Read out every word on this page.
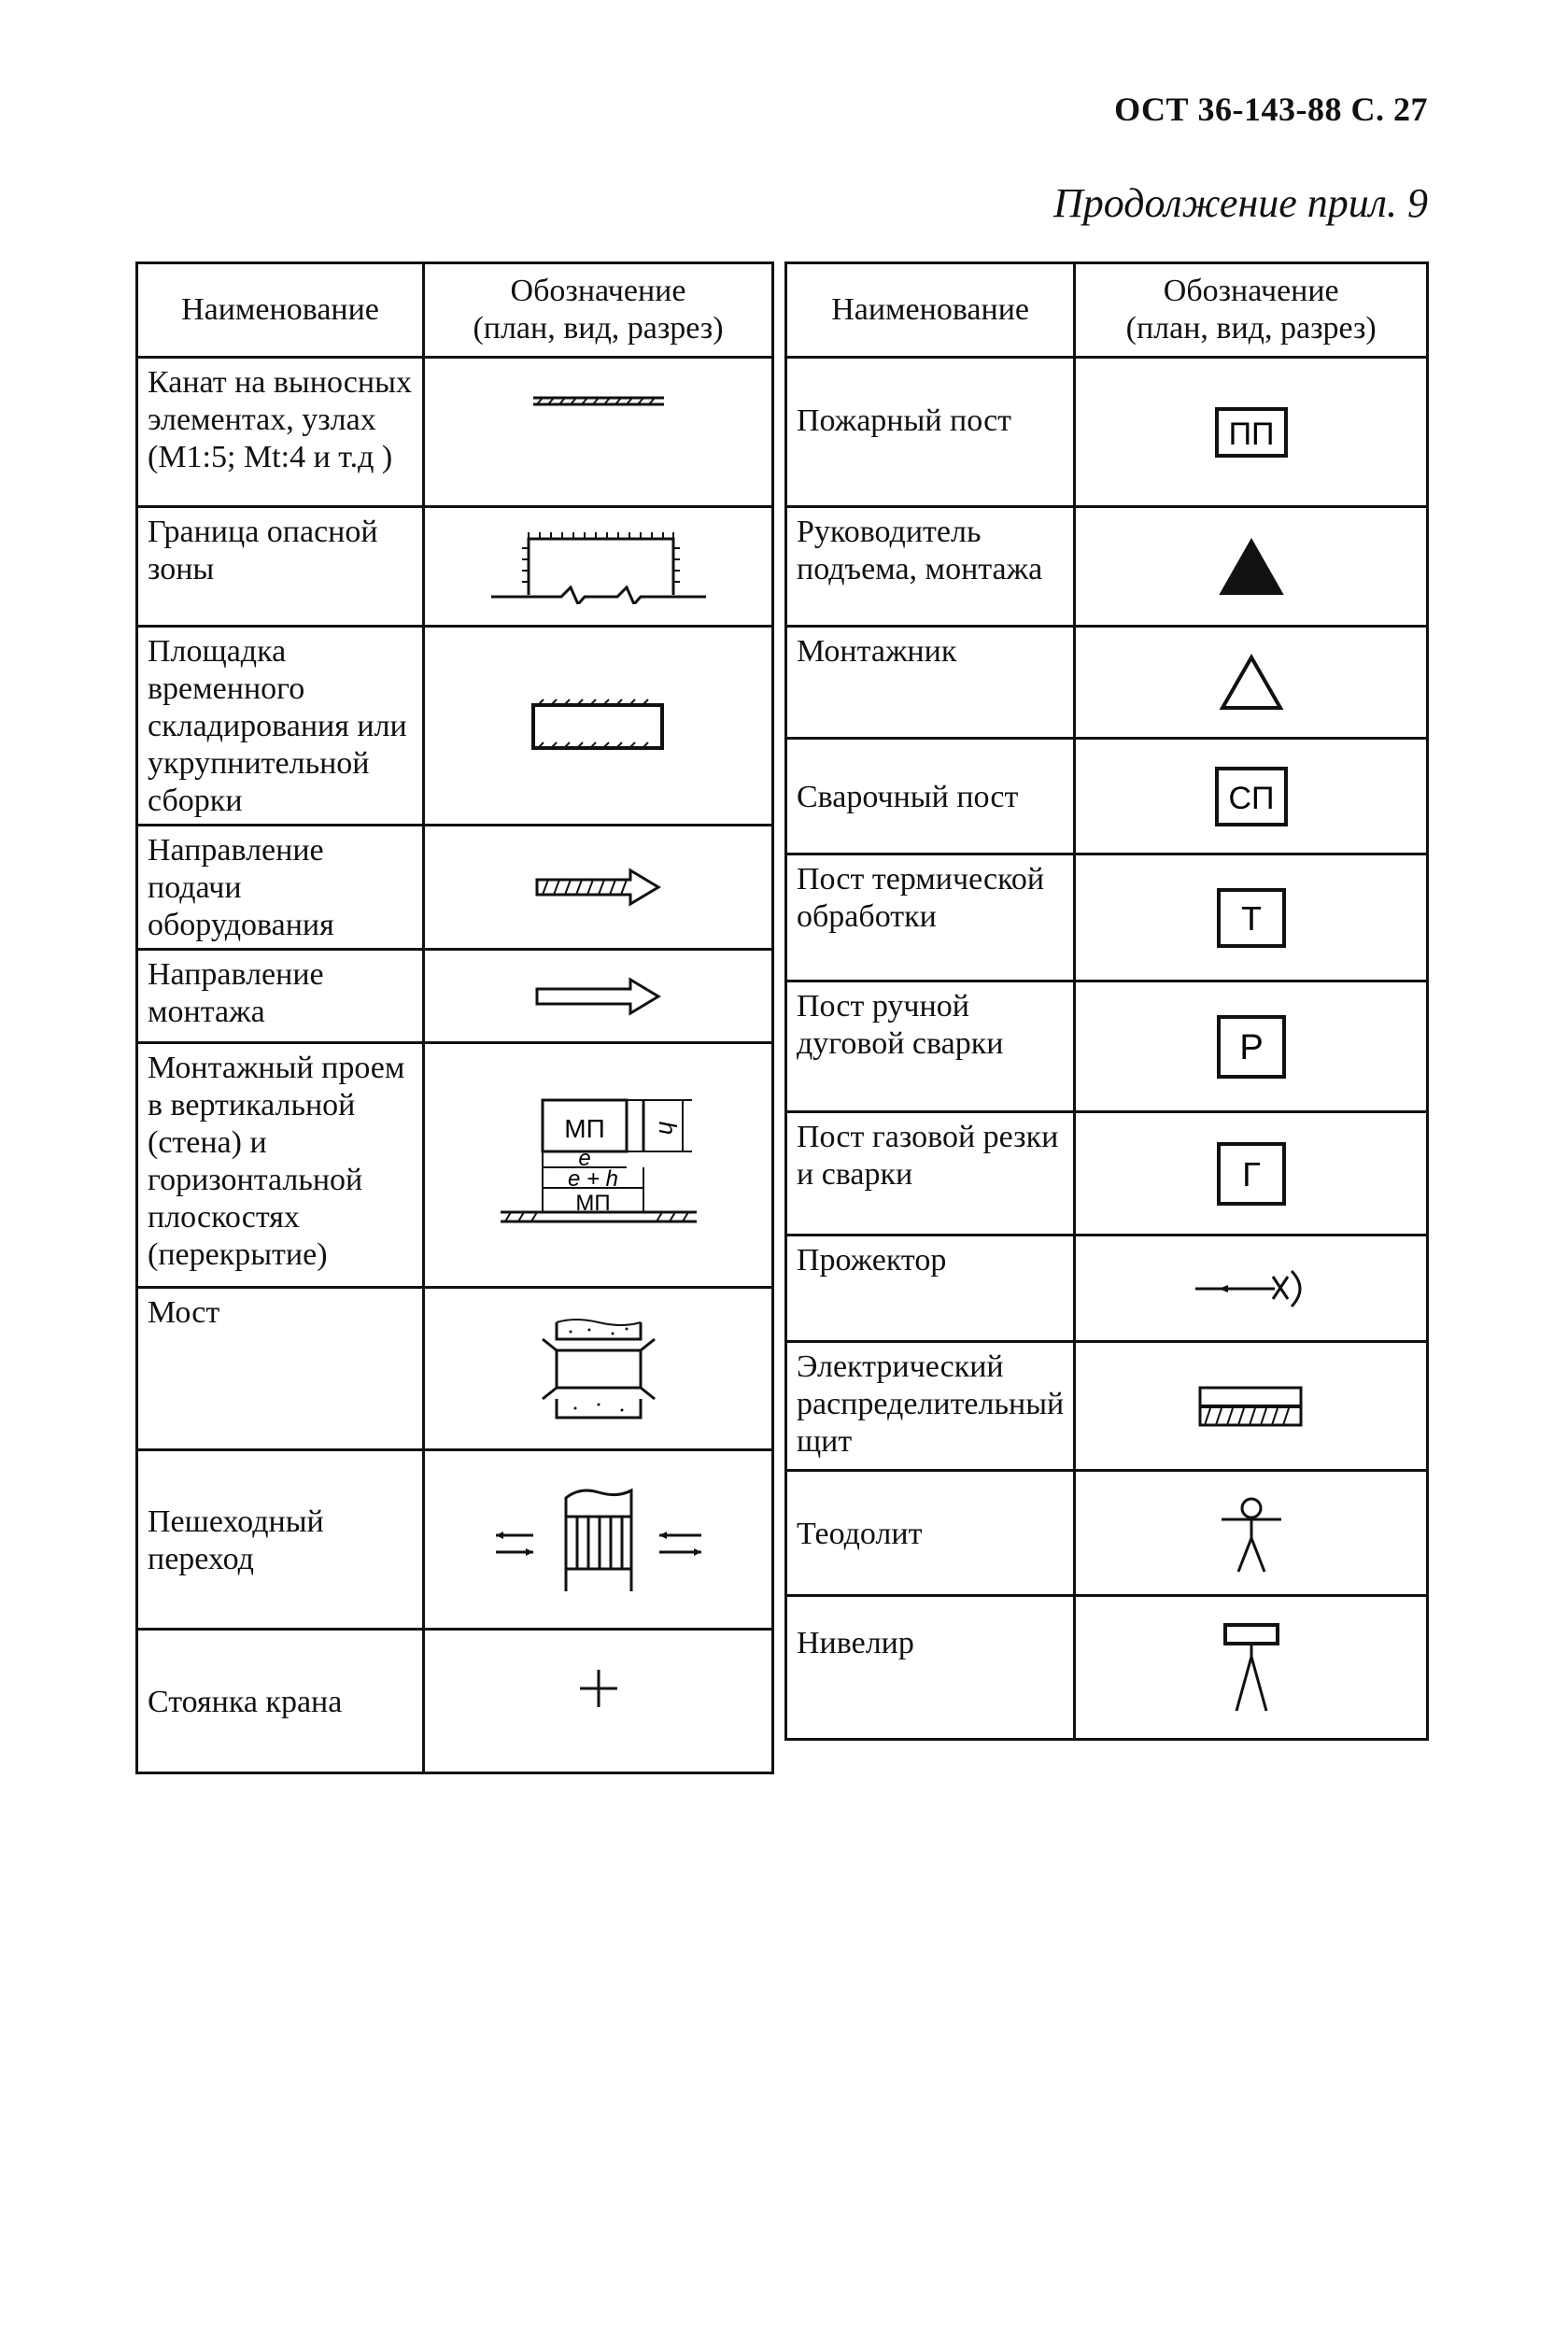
ОСТ 36-143-88 С. 27
Продолжение прил. 9
Наименование	Обозначение
(план, вид, разрез)
Канат на выносных элементах, узлах (М1:5; Мt:4 и т.д )	

Граница опасной зоны	

Площадка временного складирования или укрупнительной сборки	

Направление подачи оборудования	

Направление монтажа	

Монтажный проем в вертикальной (стена) и горизонтальной плоскостях (перекрытие)	МП h
e
e + h
МП

Мост	

Пешеходный переход	

Стоянка крана	
Наименование	Обозначение
(план, вид, разрез)
Пожарный пост	ПП

Руководитель подъема, монтажа	

Монтажник	

Сварочный пост	СП

Пост термической обработки	Т

Пост ручной дуговой сварки	Р

Пост газовой резки и сварки	Г

Прожектор	

Электрический распределительный щит	

Теодолит	

Нивелир	
